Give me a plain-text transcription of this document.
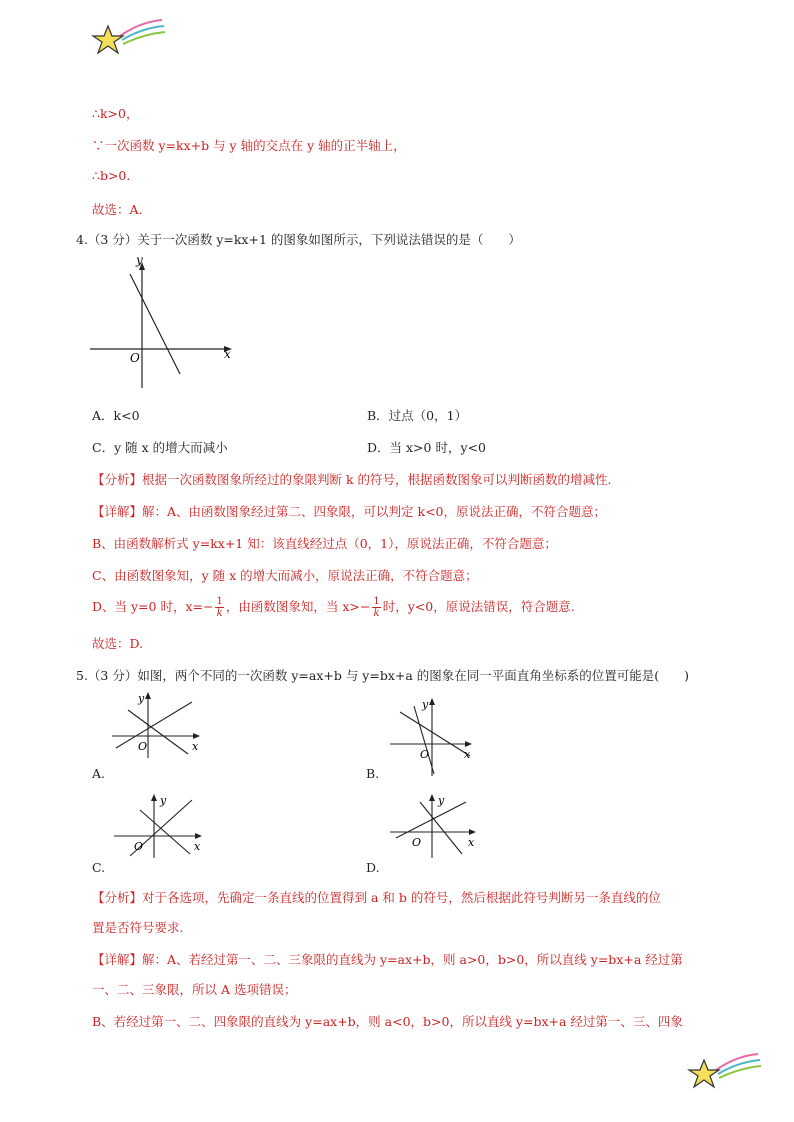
∴k>0，
∵一次函数 y=kx+b 与 y 轴的交点在 y 轴的正半轴上，
∴b>0.
故选：A.
4.（3 分）关于一次函数 y=kx+1 的图象如图所示，下列说法错误的是（　　）
y
x
O
A．k<0	B．过点（0，1）
C．y 随 x 的增大而减小	D．当 x>0 时，y<0
【分析】根据一次函数图象所经过的象限判断 k 的符号，根据函数图象可以判断函数的增减性.
【详解】解：A、由函数图象经过第二、四象限，可以判定 k<0，原说法正确，不符合题意；
B、由函数解析式 y=kx+1 知：该直线经过点（0，1），原说法正确，不符合题意；
C、由函数图象知，y 随 x 的增大而减小，原说法正确，不符合题意；
D、当 y=0 时，$x=- \frac{1}{k}$ ，由函数图象知，当 $x>- \frac{1}{k}$ 时，y<0，原说法错误，符合题意.
故选：D.
5.（3 分）如图，两个不同的一次函数 y=ax+b 与 y=bx+a 的图象在同一平面直角坐标系的位置可能是(　　)
y
x
O
A.
y
x
O
B.
y
x
O
C.
y
x
O
D.
【分析】对于各选项，先确定一条直线的位置得到 a 和 b 的符号，然后根据此符号判断另一条直线的位
置是否符号要求.
【详解】解：A、若经过第一、二、三象限的直线为 y=ax+b，则 a>0，b>0，所以直线 y=bx+a 经过第
一、二、三象限，所以 A 选项错误；
B、若经过第一、二、四象限的直线为 y=ax+b，则 a<0，b>0，所以直线 y=bx+a 经过第一、三、四象
